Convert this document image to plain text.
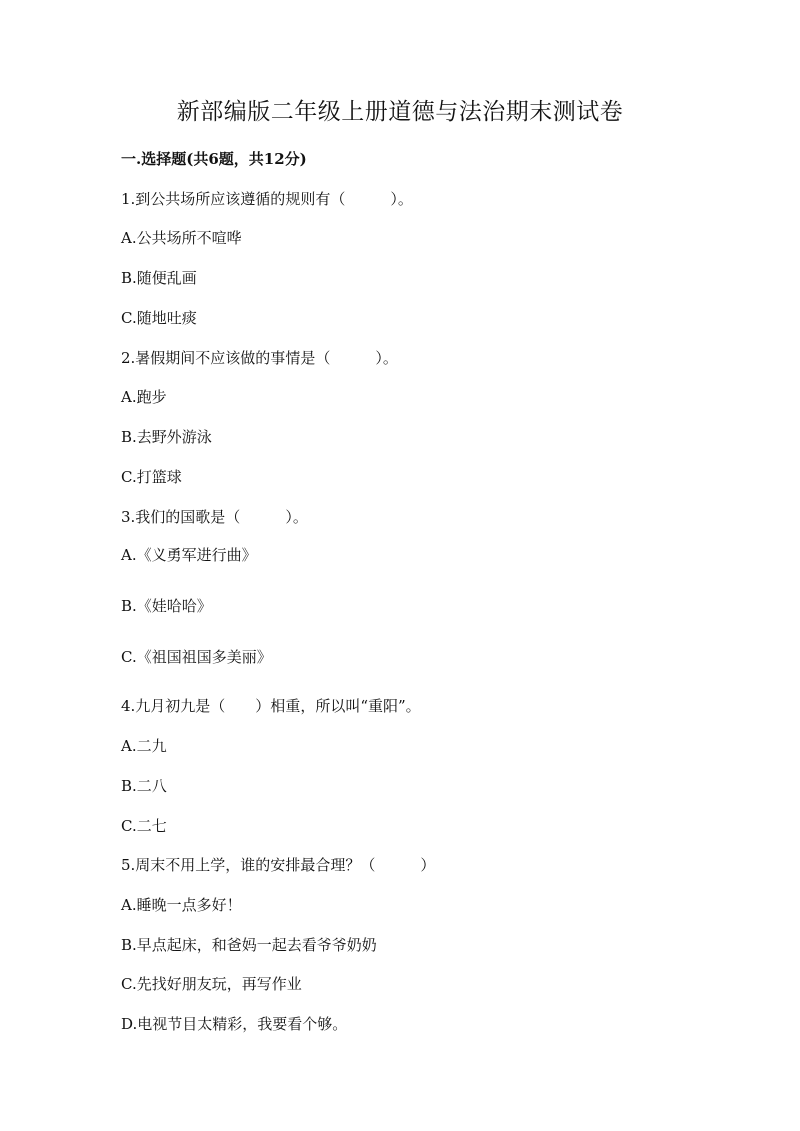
新部编版二年级上册道德与法治期末测试卷
一.选择题(共6题，共12分)
1.到公共场所应该遵循的规则有（　　　）。
A.公共场所不喧哗
B.随便乱画
C.随地吐痰
2.暑假期间不应该做的事情是（　　　）。
A.跑步
B.去野外游泳
C.打篮球
3.我们的国歌是（　　　）。
A.《义勇军进行曲》
B.《娃哈哈》
C.《祖国祖国多美丽》
4.九月初九是（　　）相重，所以叫“重阳”。
A.二九
B.二八
C.二七
5.周末不用上学，谁的安排最合理？（　　　）
A.睡晚一点多好！
B.早点起床，和爸妈一起去看爷爷奶奶
C.先找好朋友玩，再写作业
D.电视节目太精彩，我要看个够。
